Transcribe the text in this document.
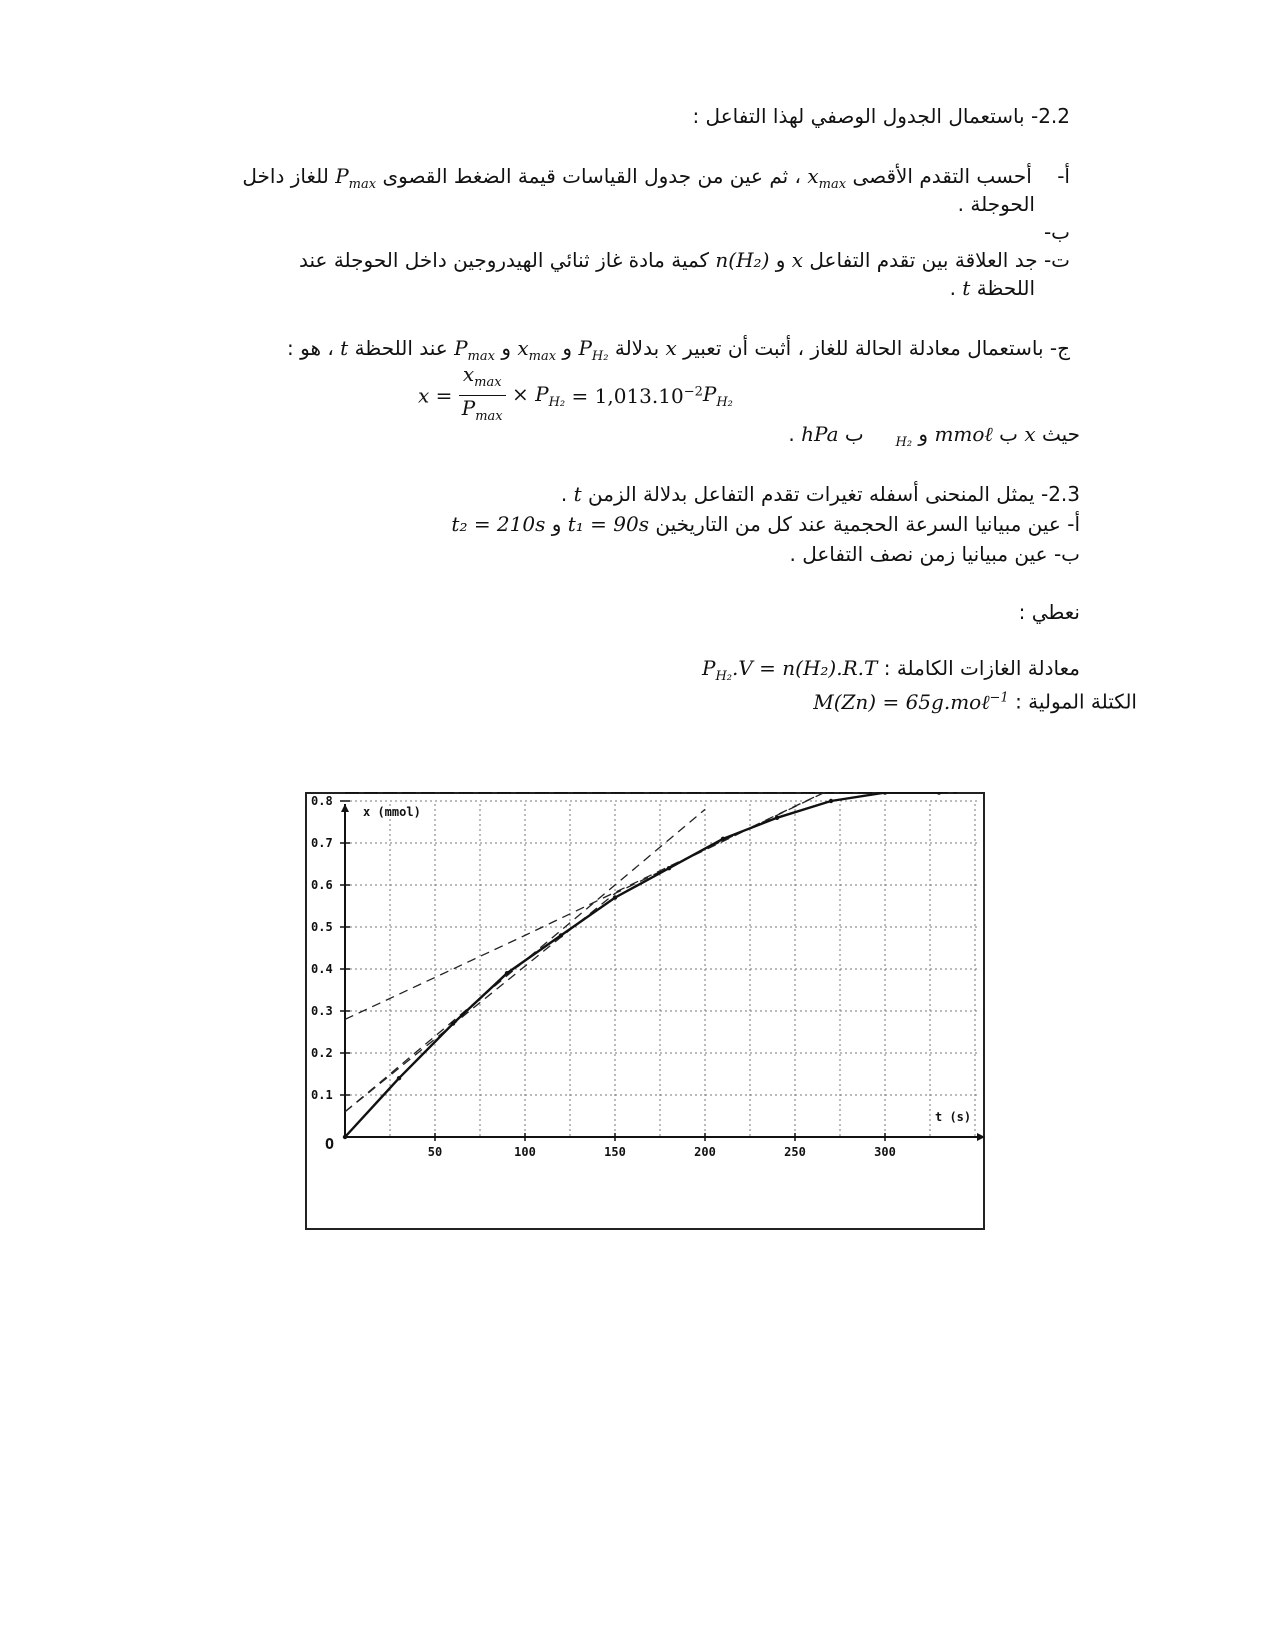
2.2- باستعمال الجدول الوصفي لهذا التفاعل :
أ-    أحسب التقدم الأقصى $x_{max}$ ، ثم عين من جدول القياسات قيمة الضغط القصوى $P_{max}$ للغاز داخل
الحوجلة .
ب-
ت- جد العلاقة بين تقدم التفاعل x و n(H₂) كمية مادة غاز ثنائي الهيدروجين داخل الحوجلة عند
اللحظة t .
ج- باستعمال معادلة الحالة للغاز ، أثبت أن تعبير x بدلالة $P_{H_2}$ و $x_{max}$ و $P_{max}$ عند اللحظة t ، هو :
$x = \frac{x_{max}}{P_{max}} \times P_{H_2} = 1,013.10^{-2}P_{H_2}$
حيث x ب mmoℓ و $_{H_2}$     ب hPa .
2.3- يمثل المنحنى أسفله تغيرات تقدم التفاعل بدلالة الزمن t .
أ- عين مبيانيا السرعة الحجمية عند كل من التاريخين t₁ = 90s و t₂ = 210s
ب- عين مبيانيا زمن نصف التفاعل .
نعطي :
معادلة الغازات الكاملة : $P_{H_2}.V = n(H_2).R.T$
الكتلة المولية : M(Zn) = 65g.moℓ$^{-1}$
50	100	150	200	250	300
0.1
0.2
0.3
0.4
0.5
0.6
0.7
0.8
O
x (mmol)
t (s)
